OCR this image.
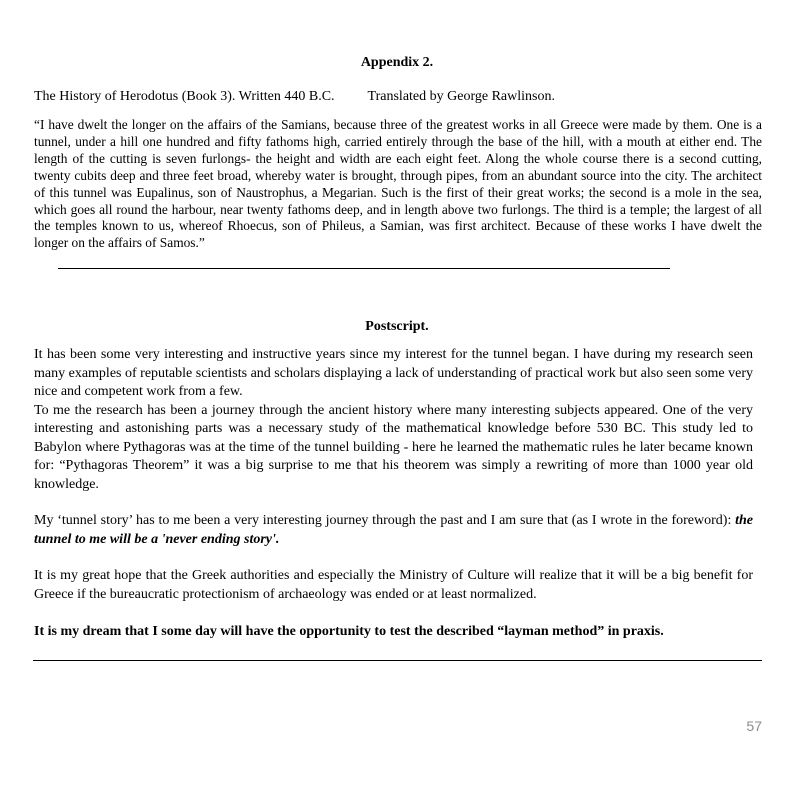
Appendix 2.
The History of Herodotus (Book 3). Written 440 B.C. Translated by George Rawlinson.

“I have dwelt the longer on the affairs of the Samians, because three of the greatest works in all Greece were made by them. One is a tunnel, under a hill one hundred and fifty fathoms high, carried entirely through the base of the hill, with a mouth at either end. The length of the cutting is seven furlongs- the height and width are each eight feet. Along the whole course there is a second cutting, twenty cubits deep and three feet broad, whereby water is brought, through pipes, from an abundant source into the city. The architect of this tunnel was Eupalinus, son of Naustrophus, a Megarian. Such is the first of their great works; the second is a mole in the sea, which goes all round the harbour, near twenty fathoms deep, and in length above two furlongs. The third is a temple; the largest of all the temples known to us, whereof Rhoecus, son of Phileus, a Samian, was first architect. Because of these works I have dwelt the longer on the affairs of Samos.”

Postscript.

It has been some very interesting and instructive years since my interest for the tunnel began. I have during my research seen many examples of reputable scientists and scholars displaying a lack of understanding of practical work but also seen some very nice and competent work from a few.
To me the research has been a journey through the ancient history where many interesting subjects appeared. One of the very interesting and astonishing parts was a necessary study of the mathematical knowledge before 530 BC. This study led to Babylon where Pythagoras was at the time of the tunnel building - here he learned the mathematic rules he later became known for: “Pythagoras Theorem” it was a big surprise to me that his theorem was simply a rewriting of more than 1000 year old knowledge.

My ‘tunnel story’ has to me been a very interesting journey through the past and I am sure that (as I wrote in the foreword): the tunnel to me will be a 'never ending story'.

It is my great hope that the Greek authorities and especially the Ministry of Culture will realize that it will be a big benefit for Greece if the bureaucratic protectionism of archaeology was ended or at least normalized.

It is my dream that I some day will have the opportunity to test the described “layman method” in praxis.

57
